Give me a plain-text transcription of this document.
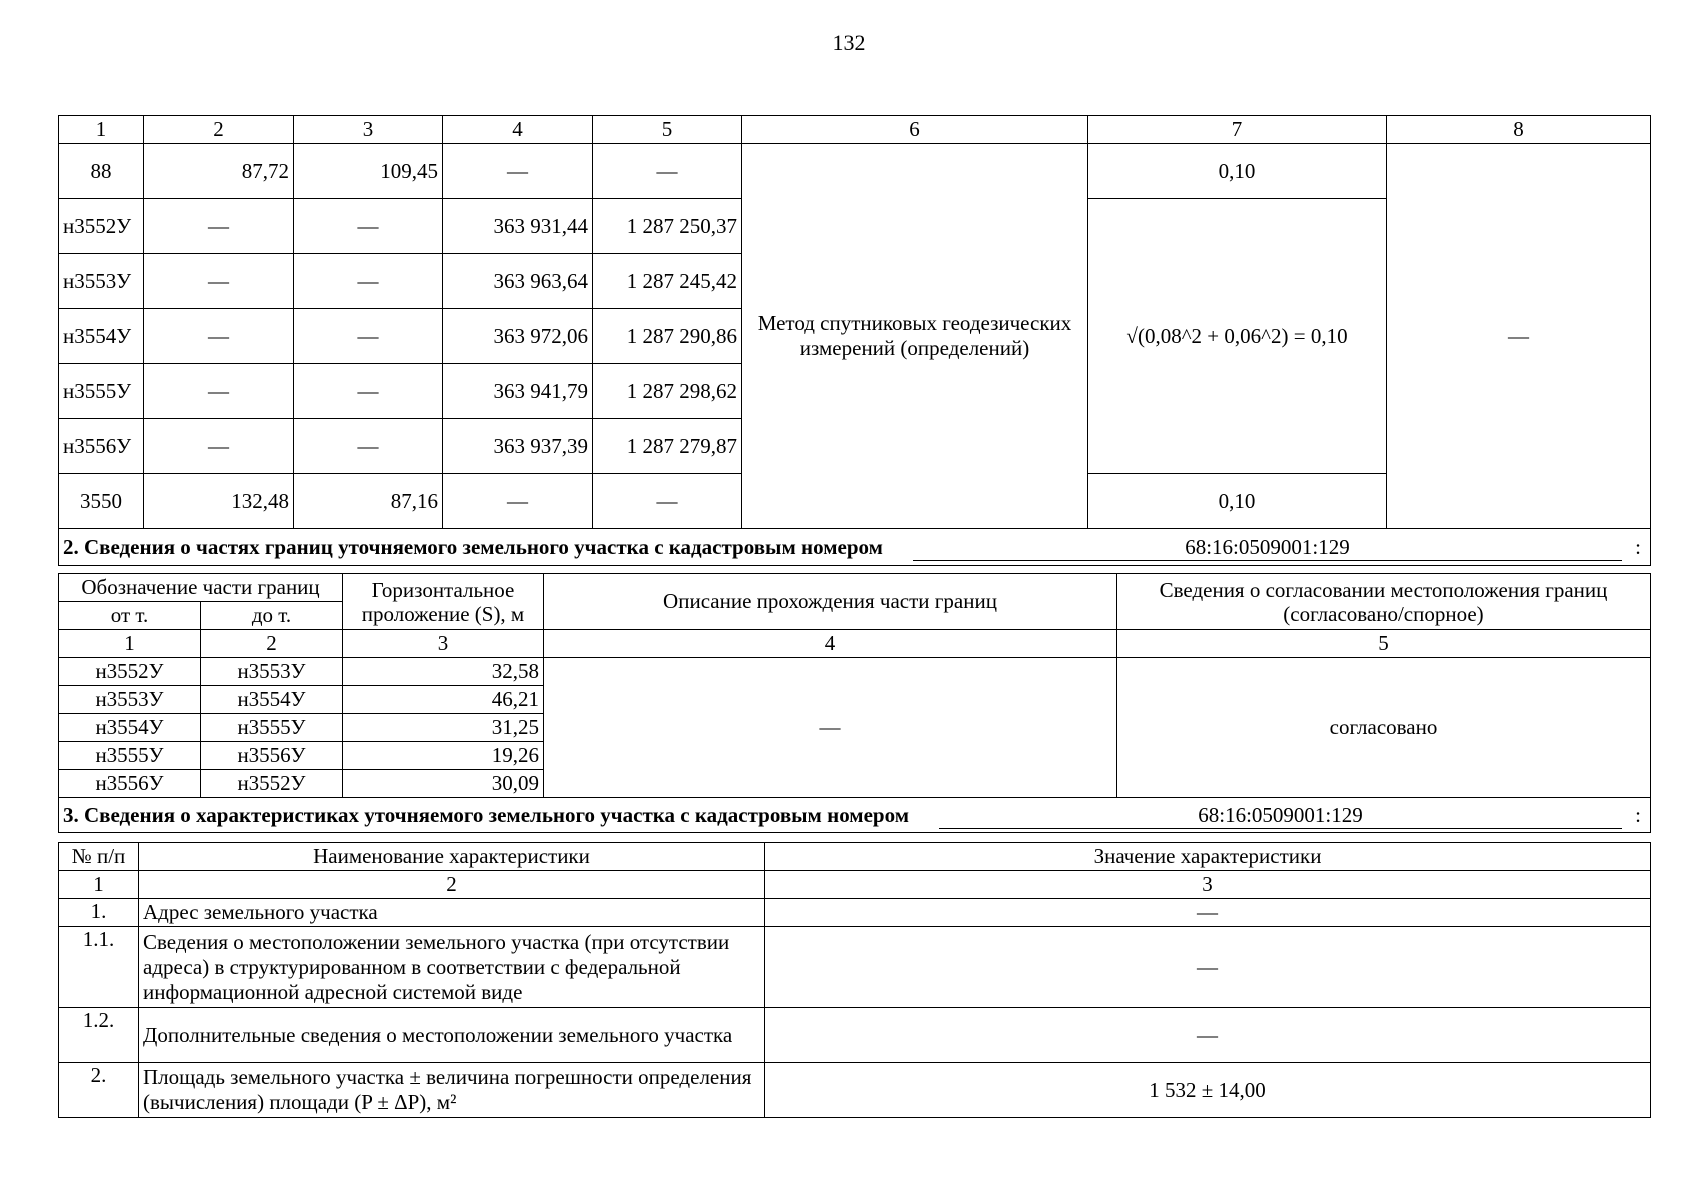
132
1	2	3	4	5	6	7	8
88	87,72	109,45	—	—	Метод спутниковых геодезических измерений (определений)	0,10	—
н3552У	—	—	363 931,44	1 287 250,37		√(0,08^2 + 0,06^2) = 0,10	
н3553У	—	—	363 963,64	1 287 245,42			
н3554У	—	—	363 972,06	1 287 290,86			
н3555У	—	—	363 941,79	1 287 298,62			
н3556У	—	—	363 937,39	1 287 279,87			
3550	132,48	87,16	—	—		0,10	

2. Сведения о частях границ уточняемого земельного участка с кадастровым номером 68:16:0509001:129 :							
Обозначение части границ		Горизонтальное проложение (S), м	Описание прохождения части границ	Сведения о согласовании местоположения границ (согласовано/спорное)
от т.	до т.			
1	2	3	4	5
н3552У	н3553У	32,58	—	согласовано
н3553У	н3554У	46,21		
н3554У	н3555У	31,25		
н3555У	н3556У	19,26		
н3556У	н3552У	30,09		

3. Сведения о характеристиках уточняемого земельного участка с кадастровым номером 68:16:0509001:129 :				
№ п/п	Наименование характеристики	Значение характеристики
1	2	3
1.	Адрес земельного участка	—
1.1.	Сведения о местоположении земельного участка (при отсутствии адреса) в структурированном в соответствии с федеральной информационной адресной системой виде	—
1.2.	Дополнительные сведения о местоположении земельного участка	—
2.	Площадь земельного участка ± величина погрешности определения (вычисления) площади (P ± ΔP), м²	1 532 ± 14,00
